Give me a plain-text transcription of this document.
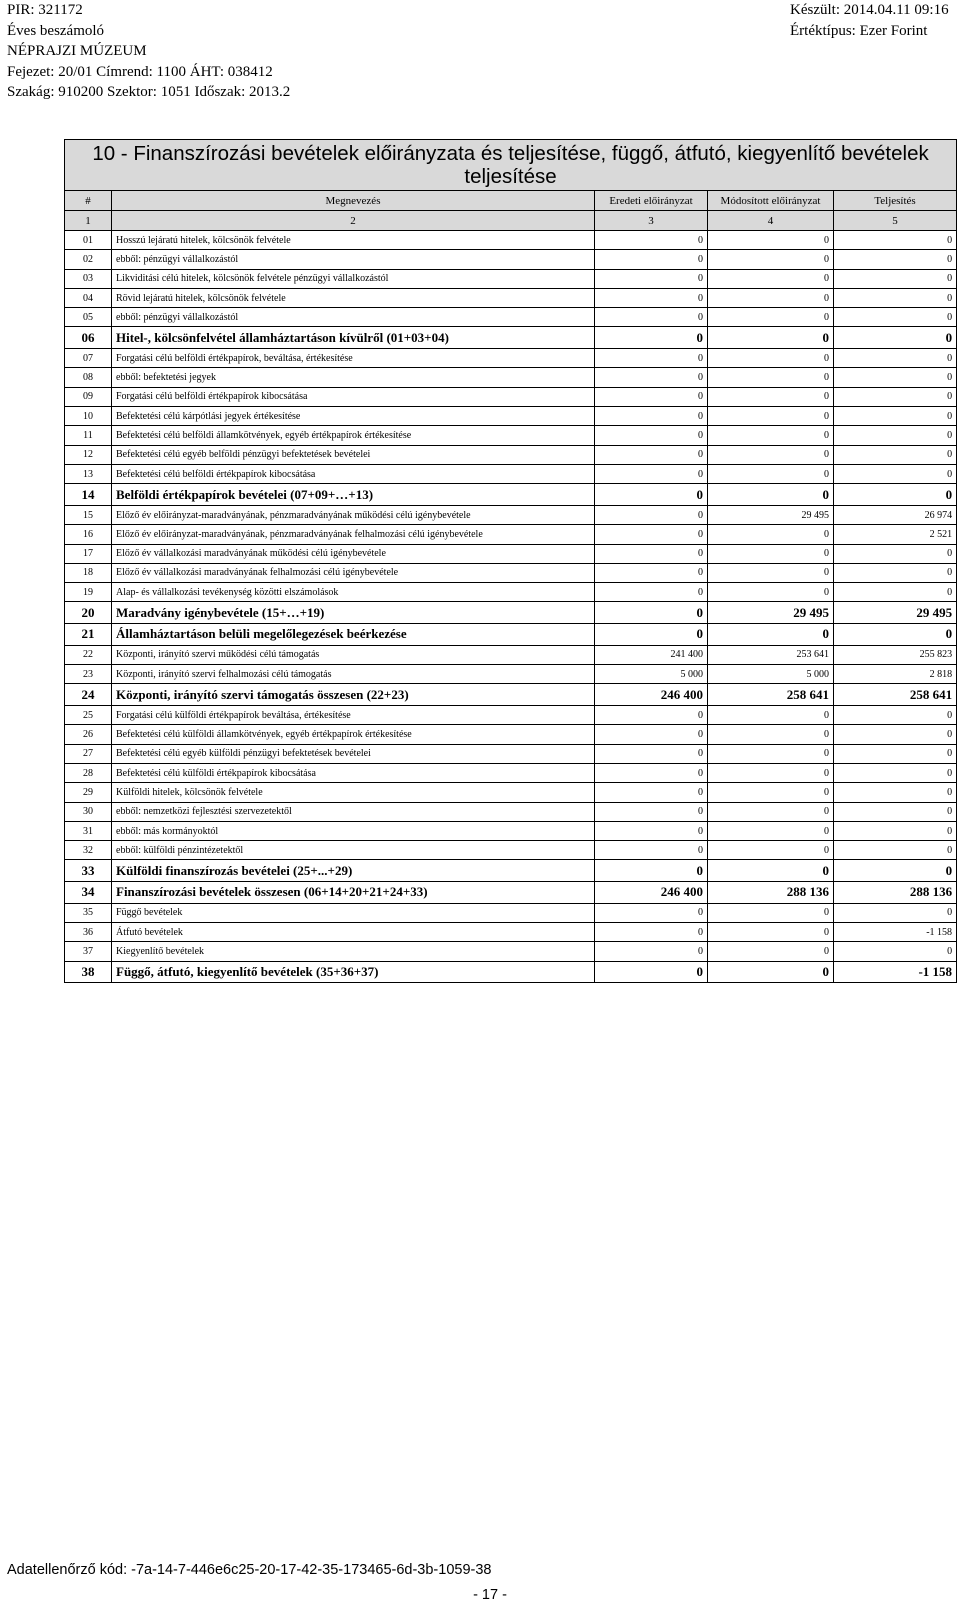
PIR: 321172
Éves beszámoló
NÉPRAJZI MÚZEUM
Fejezet: 20/01 Címrend: 1100 ÁHT: 038412
Szakág: 910200 Szektor: 1051 Időszak: 2013.2
Készült: 2014.04.11 09:16
Értéktípus: Ezer Forint
10 - Finanszírozási bevételek előirányzata és teljesítése, függő, átfutó, kiegyenlítő bevételek teljesítése				
#	Megnevezés	Eredeti előirányzat	Módosított előirányzat	Teljesítés
1	2	3	4	5
01	Hosszú lejáratú hitelek, kölcsönök felvétele	0	0	0
02	ebből: pénzügyi vállalkozástól	0	0	0
03	Likviditási célú hitelek, kölcsönök felvétele pénzügyi vállalkozástól	0	0	0
04	Rövid lejáratú hitelek, kölcsönök felvétele	0	0	0
05	ebből: pénzügyi vállalkozástól	0	0	0
06	Hitel-, kölcsönfelvétel államháztartáson kívülről (01+03+04)	0	0	0
07	Forgatási célú belföldi értékpapírok, beváltása, értékesítése	0	0	0
08	ebből: befektetési jegyek	0	0	0
09	Forgatási célú belföldi értékpapírok kibocsátása	0	0	0
10	Befektetési célú kárpótlási jegyek értékesítése	0	0	0
11	Befektetési célú belföldi államkötvények, egyéb értékpapírok értékesítése	0	0	0
12	Befektetési célú egyéb belföldi pénzügyi befektetések bevételei	0	0	0
13	Befektetési célú belföldi értékpapírok kibocsátása	0	0	0
14	Belföldi értékpapírok bevételei (07+09+…+13)	0	0	0
15	Előző év előirányzat-maradványának, pénzmaradványának működési célú igénybevétele	0	29 495	26 974
16	Előző év előirányzat-maradványának, pénzmaradványának felhalmozási célú igénybevétele	0	0	2 521
17	Előző év vállalkozási maradványának működési célú igénybevétele	0	0	0
18	Előző év vállalkozási maradványának felhalmozási célú igénybevétele	0	0	0
19	Alap- és vállalkozási tevékenység közötti elszámolások	0	0	0
20	Maradvány igénybevétele (15+…+19)	0	29 495	29 495
21	Államháztartáson belüli megelőlegezések beérkezése	0	0	0
22	Központi, irányító szervi működési célú támogatás	241 400	253 641	255 823
23	Központi, irányító szervi felhalmozási célú támogatás	5 000	5 000	2 818
24	Központi, irányító szervi támogatás összesen (22+23)	246 400	258 641	258 641
25	Forgatási célú külföldi értékpapírok beváltása, értékesítése	0	0	0
26	Befektetési célú külföldi államkötvények, egyéb értékpapírok értékesítése	0	0	0
27	Befektetési célú egyéb külföldi pénzügyi befektetések bevételei	0	0	0
28	Befektetési célú külföldi értékpapírok kibocsátása	0	0	0
29	Külföldi hitelek, kölcsönök felvétele	0	0	0
30	ebből: nemzetközi fejlesztési szervezetektől	0	0	0
31	ebből: más kormányoktól	0	0	0
32	ebből: külföldi pénzintézetektől	0	0	0
33	Külföldi finanszírozás bevételei (25+...+29)	0	0	0
34	Finanszírozási bevételek összesen (06+14+20+21+24+33)	246 400	288 136	288 136
35	Függő bevételek	0	0	0
36	Átfutó bevételek	0	0	-1 158
37	Kiegyenlítő bevételek	0	0	0
38	Függő, átfutó, kiegyenlítő bevételek (35+36+37)	0	0	-1 158
Adatellenőrző kód: -7a-14-7-446e6c25-20-17-42-35-173465-6d-3b-1059-38
- 17 -
